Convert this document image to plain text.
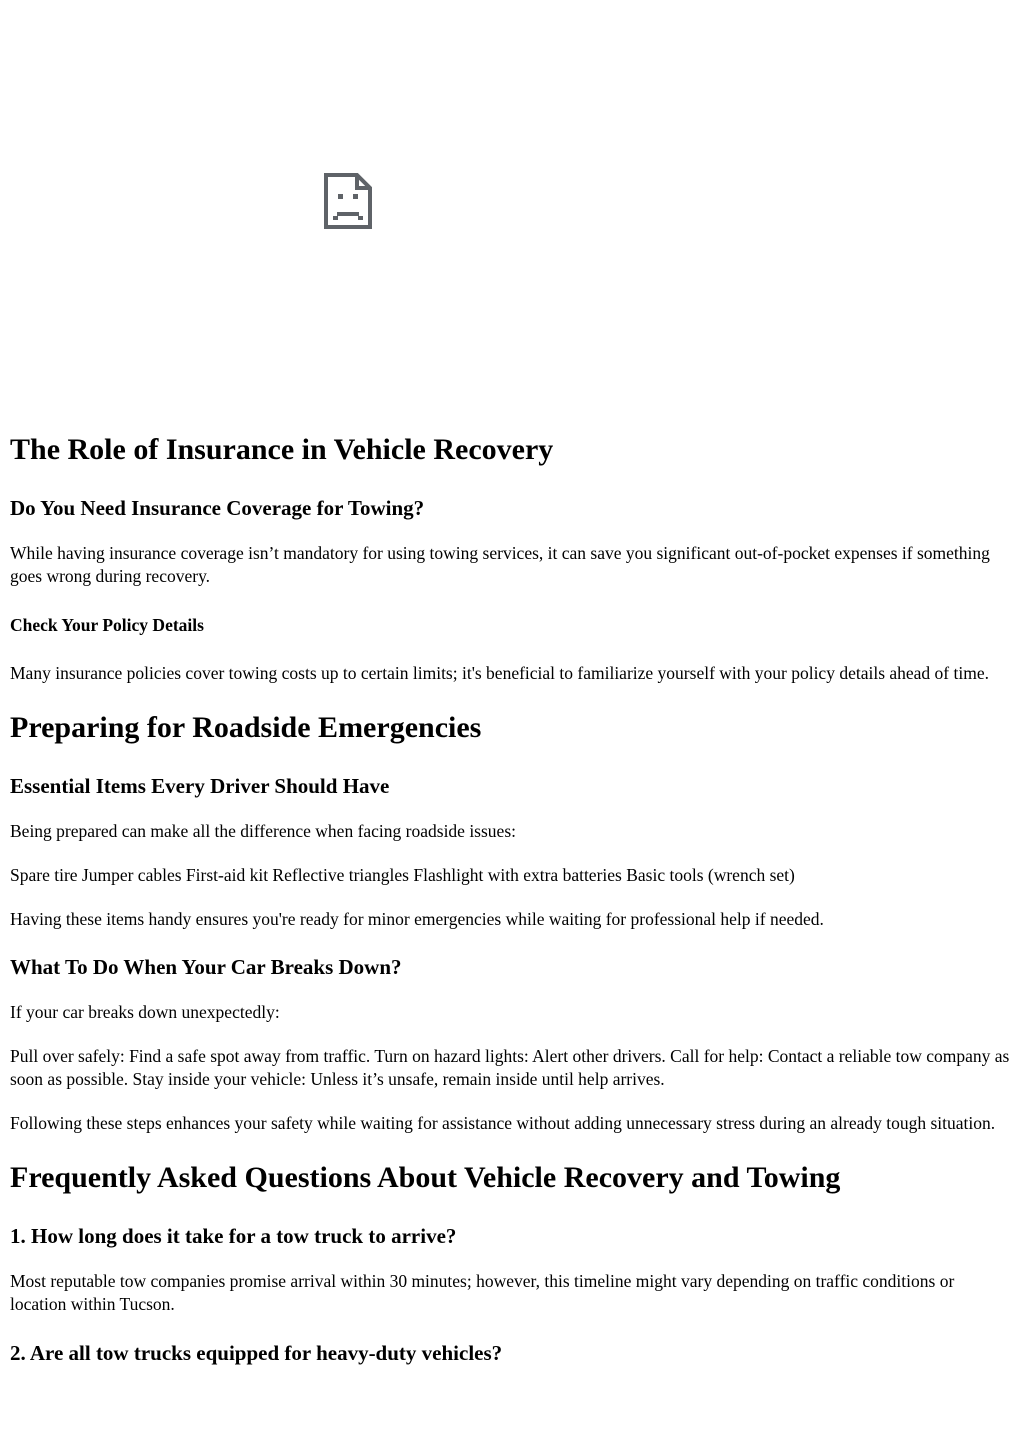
The Role of Insurance in Vehicle Recovery
Do You Need Insurance Coverage for Towing?

While having insurance coverage isn’t mandatory for using towing services, it can save you significant out-of-pocket expenses if something goes wrong during recovery.

Check Your Policy Details

Many insurance policies cover towing costs up to certain limits; it's beneficial to familiarize yourself with your policy details ahead of time.

Preparing for Roadside Emergencies
Essential Items Every Driver Should Have

Being prepared can make all the difference when facing roadside issues:

Spare tire Jumper cables First-aid kit Reflective triangles Flashlight with extra batteries Basic tools (wrench set)

Having these items handy ensures you're ready for minor emergencies while waiting for professional help if needed.

What To Do When Your Car Breaks Down?

If your car breaks down unexpectedly:

Pull over safely: Find a safe spot away from traffic. Turn on hazard lights: Alert other drivers. Call for help: Contact a reliable tow company as soon as possible. Stay inside your vehicle: Unless it’s unsafe, remain inside until help arrives.

Following these steps enhances your safety while waiting for assistance without adding unnecessary stress during an already tough situation.

Frequently Asked Questions About Vehicle Recovery and Towing
1. How long does it take for a tow truck to arrive?

Most reputable tow companies promise arrival within 30 minutes; however, this timeline might vary depending on traffic conditions or location within Tucson.

2. Are all tow trucks equipped for heavy-duty vehicles?
